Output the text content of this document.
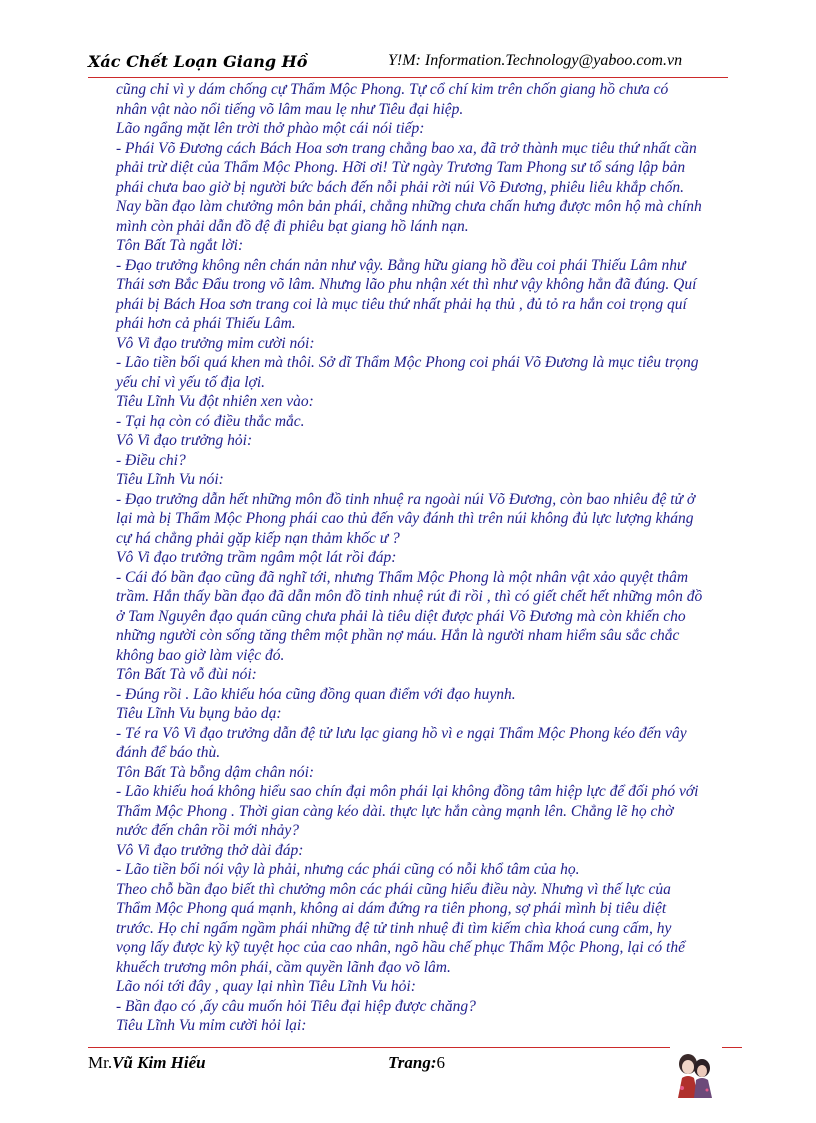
Xác Chết Loạn Giang Hồ	Y!M: Information.Technology@yaboo.com.vn

cũng chỉ vì y dám chống cự Thẩm Mộc Phong. Tự cổ chí kim trên chốn giang hồ chưa có

nhân vật nào nổi tiếng võ lâm mau lẹ như Tiêu đại hiệp.

Lão ngẩng mặt lên trời thở phào một cái nói tiếp:

- Phái Võ Đương cách Bách Hoa sơn trang chẳng bao xa, đã trở thành mục tiêu thứ nhất cần

phải trừ diệt của Thẩm Mộc Phong. Hỡi ơi! Từ ngày Trương Tam Phong sư tổ sáng lập bản

phái chưa bao giờ bị người bức bách đến nỗi phải rời núi Võ Đương, phiêu liêu khắp chốn.

Nay bần đạo làm chưởng môn bản phái, chẳng những chưa chấn hưng được môn hộ mà chính

mình còn phải dẫn đồ đệ đi phiêu bạt giang hồ lánh nạn.

Tôn Bất Tà ngắt lời:

- Đạo trưởng không nên chán nản như vậy. Bằng hữu giang hồ đều coi phái Thiếu Lâm như

Thái sơn Bắc Đẩu trong võ lâm. Nhưng lão phu nhận xét thì như vậy không hẳn đã đúng. Quí

phái bị Bách Hoa sơn trang coi là mục tiêu thứ nhất phải hạ thủ , đủ tỏ ra hắn coi trọng quí

phái hơn cả phái Thiếu Lâm.

Vô Vi đạo trưởng mỉm cười nói:

- Lão tiền bối quá khen mà thôi. Sở dĩ Thẩm Mộc Phong coi phái Võ Đương là mục tiêu trọng

yếu chỉ vì yếu tố địa lợi.

Tiêu Lĩnh Vu đột nhiên xen vào:

- Tại hạ còn có điều thắc mắc.

Vô Vi đạo trưởng hỏi:

- Điều chi?

Tiêu Lĩnh Vu nói:

- Đạo trưởng dẫn hết những môn đồ tinh nhuệ ra ngoài núi Võ Đương, còn bao nhiêu đệ tử ở

lại mà bị Thẩm Mộc Phong phái cao thủ đến vây đánh thì trên núi không đủ lực lượng kháng

cự há chẳng phải gặp kiếp nạn thảm khốc ư ?

Vô Vi đạo trưởng trầm ngâm một lát rồi đáp:

- Cái đó bần đạo cũng đã nghĩ tới, nhưng Thẩm Mộc Phong là một nhân vật xảo quyệt thâm

trầm. Hắn thấy bần đạo đã dẫn môn đồ tinh nhuệ rút đi rồi , thì có giết chết hết những môn đồ

ở Tam Nguyên đạo quán cũng chưa phải là tiêu diệt được phái Võ Đương mà còn khiến cho

những người còn sống tăng thêm một phần nợ máu. Hắn là người nham hiểm sâu sắc chắc

không bao giờ làm việc đó.

Tôn Bất Tà vỗ đùi nói:

- Đúng rồi . Lão khiếu hóa cũng đồng quan điểm với đạo huynh.

Tiêu Lĩnh Vu bụng bảo dạ:

- Té ra Vô Vi đạo trưởng dẫn đệ tử lưu lạc giang hồ vì e ngại Thẩm Mộc Phong kéo đến vây

đánh để báo thù.

Tôn Bất Tà bỗng dậm chân nói:

- Lão khiếu hoá không hiểu sao chín đại môn phái lại không đồng tâm hiệp lực để đối phó với

Thẩm Mộc Phong . Thời gian càng kéo dài. thực lực hắn càng mạnh lên. Chẳng lẽ họ chờ

nước đến chân rồi mới nhảy?

Vô Vi đạo trưởng thở dài đáp:

- Lão tiền bối nói vậy là phải, nhưng các phái cũng có nỗi khổ tâm của họ.

Theo chỗ bần đạo biết thì chưởng môn các phái cũng hiểu điều này. Nhưng vì thế lực của

Thẩm Mộc Phong quá mạnh, không ai dám đứng ra tiên phong, sợ phái mình bị tiêu diệt

trước. Họ chỉ ngấm ngầm phái những đệ tử tinh nhuệ đi tìm kiếm chìa khoá cung cấm, hy

vọng lấy được kỳ kỹ tuyệt học của cao nhân, ngõ hầu chế phục Thẩm Mộc Phong, lại có thể

khuếch trương môn phái, cầm quyền lãnh đạo võ lâm.

Lão nói tới đây , quay lại nhìn Tiêu Lĩnh Vu hỏi:

- Bần đạo có ,ấy câu muốn hỏi Tiêu đại hiệp được chăng?

Tiêu Lĩnh Vu mỉm cười hỏi lại:

Mr.Vũ Kim Hiếu	Trang:6
